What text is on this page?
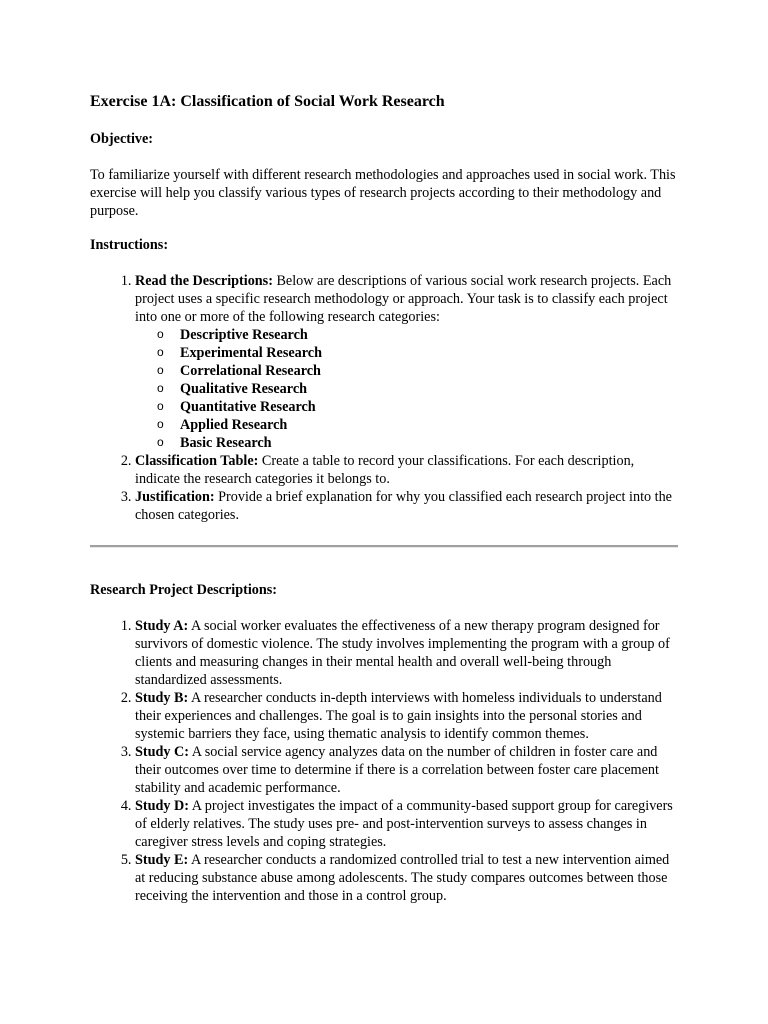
Exercise 1A: Classification of Social Work Research

Objective:

To familiarize yourself with different research methodologies and approaches used in social work. This exercise will help you classify various types of research projects according to their methodology and purpose.

Instructions:

1. Read the Descriptions: Below are descriptions of various social work research projects. Each project uses a specific research methodology or approach. Your task is to classify each project into one or more of the following research categories:
o Descriptive Research
o Experimental Research
o Correlational Research
o Qualitative Research
o Quantitative Research
o Applied Research
o Basic Research
2. Classification Table: Create a table to record your classifications. For each description, indicate the research categories it belongs to.
3. Justification: Provide a brief explanation for why you classified each research project into the chosen categories.

Research Project Descriptions:

1. Study A: A social worker evaluates the effectiveness of a new therapy program designed for survivors of domestic violence. The study involves implementing the program with a group of clients and measuring changes in their mental health and overall well-being through standardized assessments.
2. Study B: A researcher conducts in-depth interviews with homeless individuals to understand their experiences and challenges. The goal is to gain insights into the personal stories and systemic barriers they face, using thematic analysis to identify common themes.
3. Study C: A social service agency analyzes data on the number of children in foster care and their outcomes over time to determine if there is a correlation between foster care placement stability and academic performance.
4. Study D: A project investigates the impact of a community-based support group for caregivers of elderly relatives. The study uses pre- and post-intervention surveys to assess changes in caregiver stress levels and coping strategies.
5. Study E: A researcher conducts a randomized controlled trial to test a new intervention aimed at reducing substance abuse among adolescents. The study compares outcomes between those receiving the intervention and those in a control group.
